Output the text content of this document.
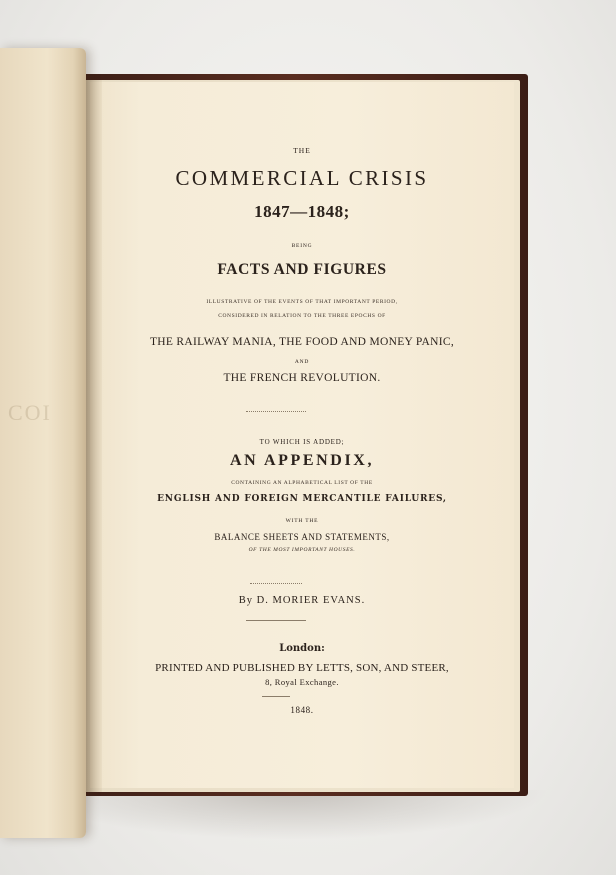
COI

THE

COMMERCIAL CRISIS

1847—1848;

BEING

FACTS AND FIGURES

ILLUSTRATIVE OF THE EVENTS OF THAT IMPORTANT PERIOD,

CONSIDERED IN RELATION TO THE THREE EPOCHS OF

THE RAILWAY MANIA, THE FOOD AND MONEY PANIC,

AND

THE FRENCH REVOLUTION.

TO WHICH IS ADDED;

AN APPENDIX,

CONTAINING AN ALPHABETICAL LIST OF THE

ENGLISH AND FOREIGN MERCANTILE FAILURES,

WITH THE

BALANCE SHEETS AND STATEMENTS,

OF THE MOST IMPORTANT HOUSES.

By D. MORIER EVANS.

London:

PRINTED AND PUBLISHED BY LETTS, SON, AND STEER,

8, Royal Exchange.

1848.
